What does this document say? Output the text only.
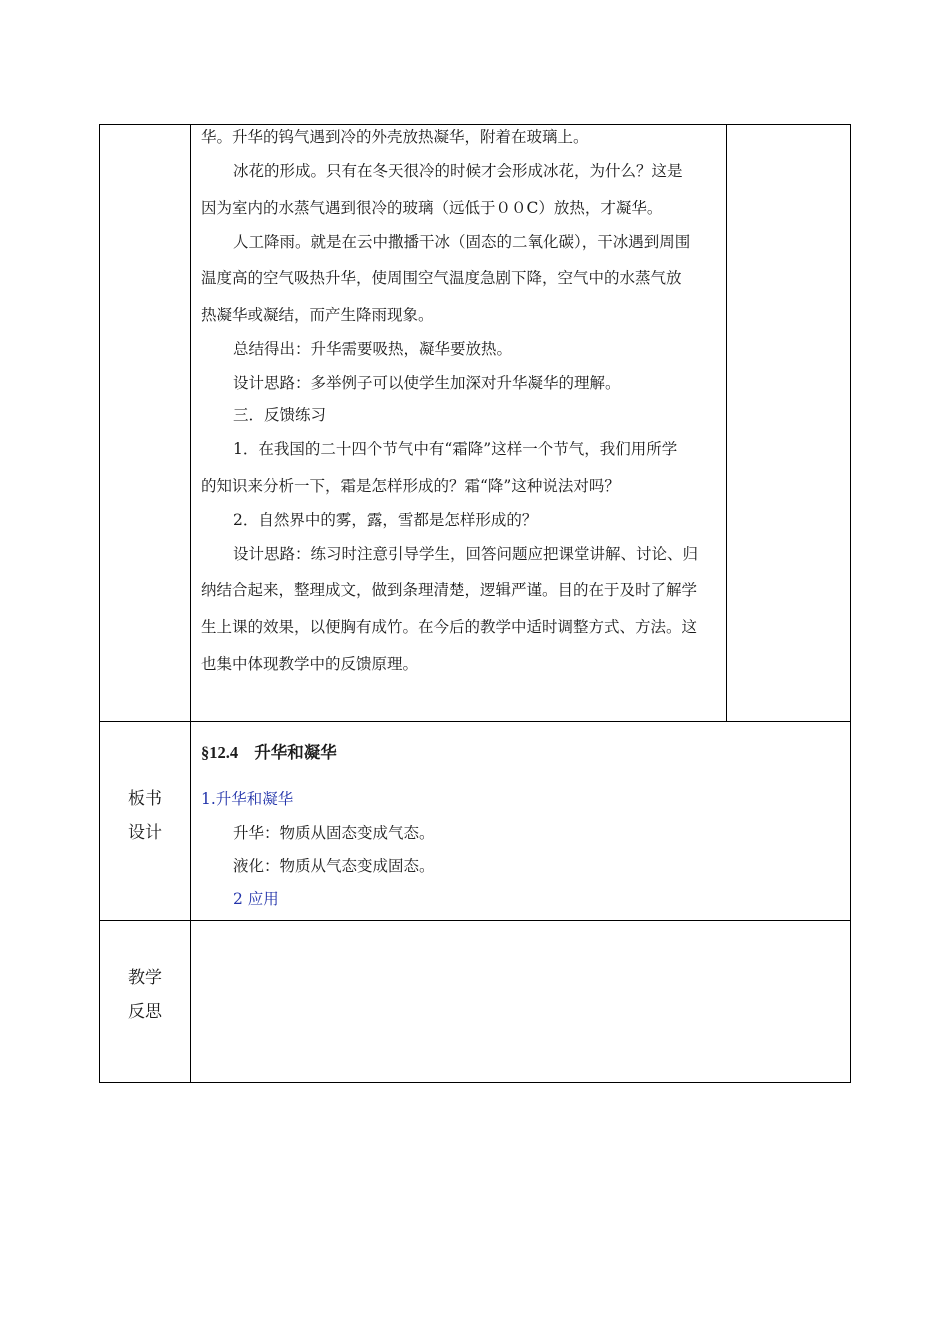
华。升华的钨气遇到冷的外壳放热凝华，附着在玻璃上。
冰花的形成。只有在冬天很冷的时候才会形成冰花，为什么？这是
因为室内的水蒸气遇到很冷的玻璃（远低于００C）放热，才凝华。
人工降雨。就是在云中撒播干冰（固态的二氧化碳），干冰遇到周围
温度高的空气吸热升华，使周围空气温度急剧下降，空气中的水蒸气放
热凝华或凝结，而产生降雨现象。
总结得出：升华需要吸热，凝华要放热。
设计思路：多举例子可以使学生加深对升华凝华的理解。
三．反馈练习
1．在我国的二十四个节气中有“霜降”这样一个节气，我们用所学
的知识来分析一下，霜是怎样形成的？霜“降”这种说法对吗？
2．自然界中的雾，露，雪都是怎样形成的？
设计思路：练习时注意引导学生，回答问题应把课堂讲解、讨论、归
纳结合起来，整理成文，做到条理清楚，逻辑严谨。目的在于及时了解学
生上课的效果，以便胸有成竹。在今后的教学中适时调整方式、方法。这
也集中体现教学中的反馈原理。
板书
设计
§12.4 升华和凝华
1.升华和凝华
升华：物质从固态变成气态。
液化：物质从气态变成固态。
2 应用
教学
反思
